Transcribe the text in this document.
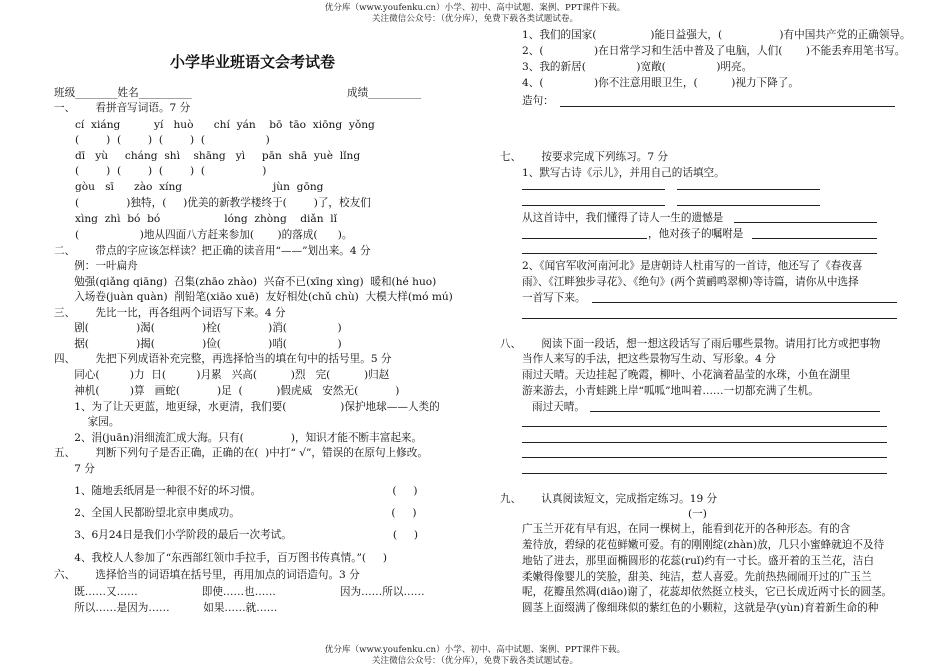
优分库（www.youfenku.cn）小学、初中、高中试题、案例、PPT课件下载。
关注微信公众号：（优分库），免费下载各类试题试卷。
小学毕业班语文会考试卷
班级________姓名__________	成绩__________
一、      看拼音写词语。7 分
cí  xiáng          yí   huò      chí  yán    bō  tāo  xiōng  yǒng
(        )  (        )  (        )  (                  )
dī   yù     cháng  shì    shāng   yì     pān  shā  yuè  lǐng
(        )  (        )  (        )  (                 )
gòu   sī      zào  xíng                           jùn  gōng
(              )独特，(     )优美的新教学楼终于(        )了，校友们
xìng  zhì  bó  bó                   lóng  zhòng    diǎn  lǐ
(                  )地从四面八方赶来参加(       )的落成(      )。
二、      带点的字应该怎样读？把正确的读音用“——”划出来。4 分
例：一叶扁舟
勉强(qiǎng qiāng)  召集(zhāo zhào)  兴奋不已(xīng xìng)  暖和(hé huo)
入场卷(juàn quàn)  削铅笔(xiāo xuē)  友好相处(chǔ chù)  大模大样(mó mú)
三、      先比一比，再各组两个词语写下来。4 分
剧(              )渴(              )栓(              )消(               )
据(              )揭(              )俭(              )哨(               )
四、      先把下列成语补充完整，再选择恰当的填在句中的括号里。5 分
同心(         )力  日(         )月累   兴高(          )烈   完(          )归赵
神机(         )算   画蛇(           )足  (          )假虎威   安然无(           )
1、为了让天更蓝，地更绿，水更清，我们要(                )保护地球——人类的
家园。
2、涓(juān)涓细流汇成大海。只有(              )，知识才能不断丰富起来。
五、      判断下列句子是否正确，正确的在(  )中打“ √”，错误的在原句上修改。
7 分
1、随地丢纸屑是一种很不好的坏习惯。                                       (     )
2、全国人民都盼望北京申奥成功。                                             (     )
3、6月24日是我们小学阶段的最后一次考试。                              (     )
4、我校人人参加了“东西部红领巾手拉手，百万图书传真情。”(     )
六、      选择恰当的词语填在括号里，再用加点的词语造句。3 分
既……又……                   即使……也……                   因为……所以……
所以……是因为……          如果……就……
1、我们的国家(                )能日益强大，(                 )有中国共产党的正确领导。
2、(               )在日常学习和生活中普及了电脑，人们(       )不能丢弃用笔书写。
3、我的新居(               )宽敞(               )明亮。
4、(               )你不注意用眼卫生，(          )视力下降了。
造句：
七、      按要求完成下列练习。7 分
1、默写古诗《示儿》，并用自己的话填空。
从这首诗中，我们懂得了诗人一生的遗憾是
，他对孩子的嘱咐是
2、《闻官军收河南河北》是唐朝诗人杜甫写的一首诗，他还写了《春夜喜
雨》、《江畔独步寻花》、《绝句》(两个黄鹂鸣翠柳)等诗篇，请你从中选择
一首写下来。
八、      阅读下面一段话，想一想这段话写了雨后哪些景物。请用打比方或把事物
当作人来写的手法，把这些景物写生动、写形象。4 分
雨过天晴。天边挂起了晚霞，柳叶、小花滴着晶莹的水珠，小鱼在湖里
游来游去，小青蛙跳上岸“呱呱”地叫着……一切都充满了生机。
雨过天晴。
九、      认真阅读短文，完成指定练习。19 分
(一)
广玉兰开花有早有迟，在同一棵树上，能看到花开的各种形态。有的含
羞待放，碧绿的花苞鲜嫩可爱。有的刚刚绽(zhàn)放，几只小蜜蜂就迫不及待
地钻了进去，那里面椭圆形的花蕊(ruǐ)约有一寸长。盛开着的玉兰花，洁白
柔嫩得像婴儿的笑脸，甜美、纯洁，惹人喜爱。先前热热闹闹开过的广玉兰
呢，花瓣虽然凋(diāo)谢了，花蕊却依然挺立枝头，它已长成近两寸长的圆茎。
圆茎上面缀满了像细珠似的紫红色的小颗粒，这就是孕(yùn)育着新生命的种
优分库（www.youfenku.cn）小学、初中、高中试题、案例、PPT课件下载。
关注微信公众号：（优分库），免费下载各类试题试卷。
